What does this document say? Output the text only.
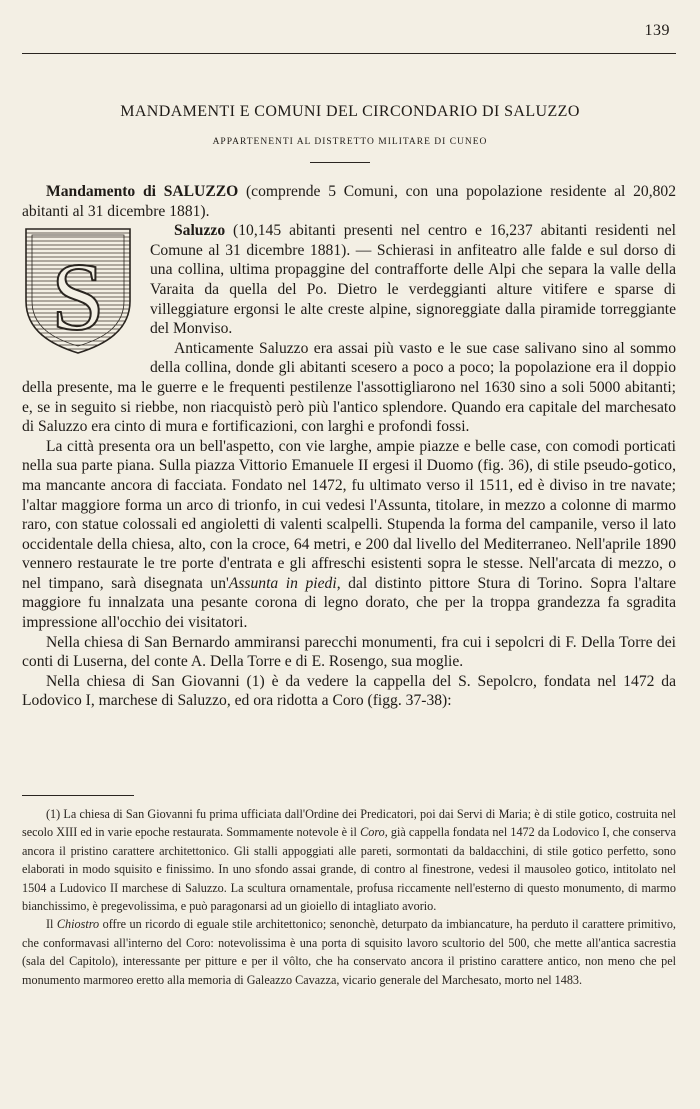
139
MANDAMENTI E COMUNI DEL CIRCONDARIO DI SALUZZO
APPARTENENTI AL DISTRETTO MILITARE DI CUNEO

Mandamento di SALUZZO (comprende 5 Comuni, con una popolazione residente al 20,802 abitanti al 31 dicembre 1881).

S

Saluzzo (10,145 abitanti presenti nel centro e 16,237 abitanti residenti nel Comune al 31 dicembre 1881). — Schierasi in anfiteatro alle falde e sul dorso di una collina, ultima propaggine del contrafforte delle Alpi che separa la valle della Varaita da quella del Po. Dietro le verdeggianti alture vitifere e sparse di villeggiature ergonsi le alte creste alpine, signoreggiate dalla piramide torreggiante del Monviso.

Anticamente Saluzzo era assai più vasto e le sue case salivano sino al sommo della collina, donde gli abitanti scesero a poco a poco; la popolazione era il doppio della presente, ma le guerre e le frequenti pestilenze l'assottigliarono nel 1630 sino a soli 5000 abitanti; e, se in seguito si riebbe, non riacquistò però più l'antico splendore. Quando era capitale del marchesato di Saluzzo era cinto di mura e fortificazioni, con larghi e profondi fossi.

La città presenta ora un bell'aspetto, con vie larghe, ampie piazze e belle case, con comodi porticati nella sua parte piana. Sulla piazza Vittorio Emanuele II ergesi il Duomo (fig. 36), di stile pseudo-gotico, ma mancante ancora di facciata. Fondato nel 1472, fu ultimato verso il 1511, ed è diviso in tre navate; l'altar maggiore forma un arco di trionfo, in cui vedesi l'Assunta, titolare, in mezzo a colonne di marmo raro, con statue colossali ed angioletti di valenti scalpelli. Stupenda la forma del campanile, verso il lato occidentale della chiesa, alto, con la croce, 64 metri, e 200 dal livello del Mediterraneo. Nell'aprile 1890 vennero restaurate le tre porte d'entrata e gli affreschi esistenti sopra le stesse. Nell'arcata di mezzo, o nel timpano, sarà disegnata un'Assunta in piedi, dal distinto pittore Stura di Torino. Sopra l'altare maggiore fu innalzata una pesante corona di legno dorato, che per la troppa grandezza fa sgradita impressione all'occhio dei visitatori.

Nella chiesa di San Bernardo ammiransi parecchi monumenti, fra cui i sepolcri di F. Della Torre dei conti di Luserna, del conte A. Della Torre e di E. Rosengo, sua moglie.

Nella chiesa di San Giovanni (1) è da vedere la cappella del S. Sepolcro, fondata nel 1472 da Lodovico I, marchese di Saluzzo, ed ora ridotta a Coro (figg. 37-38):

(1) La chiesa di San Giovanni fu prima ufficiata dall'Ordine dei Predicatori, poi dai Servi di Maria; è di stile gotico, costruita nel secolo XIII ed in varie epoche restaurata. Sommamente notevole è il Coro, già cappella fondata nel 1472 da Lodovico I, che conserva ancora il pristino carattere architettonico. Gli stalli appoggiati alle pareti, sormontati da baldacchini, di stile gotico perfetto, sono elaborati in modo squisito e finissimo. In uno sfondo assai grande, di contro al finestrone, vedesi il mausoleo gotico, intitolato nel 1504 a Ludovico II marchese di Saluzzo. La scultura ornamentale, profusa riccamente nell'esterno di questo monumento, di marmo bianchissimo, è pregevolissima, e può paragonarsi ad un gioiello di intagliato avorio.

Il Chiostro offre un ricordo di eguale stile architettonico; senonchè, deturpato da imbiancature, ha perduto il carattere primitivo, che conformavasi all'interno del Coro: notevolissima è una porta di squisito lavoro scultorio del 500, che mette all'antica sacrestia (sala del Capitolo), interessante per pitture e per il vôlto, che ha conservato ancora il pristino carattere antico, non meno che pel monumento marmoreo eretto alla memoria di Galeazzo Cavazza, vicario generale del Marchesato, morto nel 1483.
